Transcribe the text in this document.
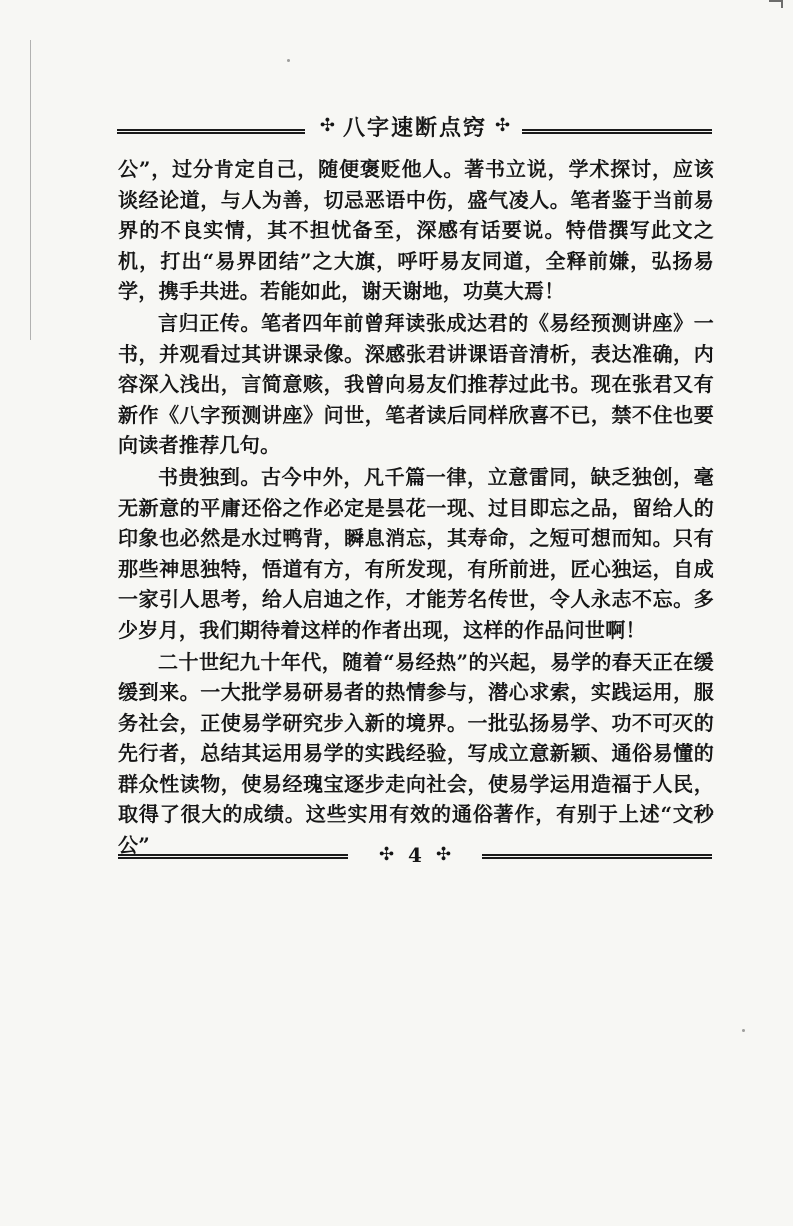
✣ 八字速断点窍 ✣

公”，过分肯定自己，随便褒贬他人。著书立说，学术探讨，应该谈经论道，与人为善，切忌恶语中伤，盛气凌人。笔者鉴于当前易界的不良实情，其不担忧备至，深感有话要说。特借撰写此文之机，打出“易界团结”之大旗，呼吁易友同道，全释前嫌，弘扬易学，携手共进。若能如此，谢天谢地，功莫大焉！

言归正传。笔者四年前曾拜读张成达君的《易经预测讲座》一书，并观看过其讲课录像。深感张君讲课语音清析，表达准确，内容深入浅出，言简意赅，我曾向易友们推荐过此书。现在张君又有新作《八字预测讲座》问世，笔者读后同样欣喜不已，禁不住也要向读者推荐几句。

书贵独到。古今中外，凡千篇一律，立意雷同，缺乏独创，毫无新意的平庸还俗之作必定是昙花一现、过目即忘之品，留给人的印象也必然是水过鸭背，瞬息消忘，其寿命，之短可想而知。只有那些神思独特，悟道有方，有所发现，有所前进，匠心独运，自成一家引人思考，给人启迪之作，才能芳名传世，令人永志不忘。多少岁月，我们期待着这样的作者出现，这样的作品问世啊！

二十世纪九十年代，随着“易经热”的兴起，易学的春天正在缓缓到来。一大批学易研易者的热情参与，潜心求索，实践运用，服务社会，正使易学研究步入新的境界。一批弘扬易学、功不可灭的先行者，总结其运用易学的实践经验，写成立意新颖、通俗易懂的群众性读物，使易经瑰宝逐步走向社会，使易学运用造福于人民，取得了很大的成绩。这些实用有效的通俗著作，有别于上述“文秒公”	✣ 4 ✣
